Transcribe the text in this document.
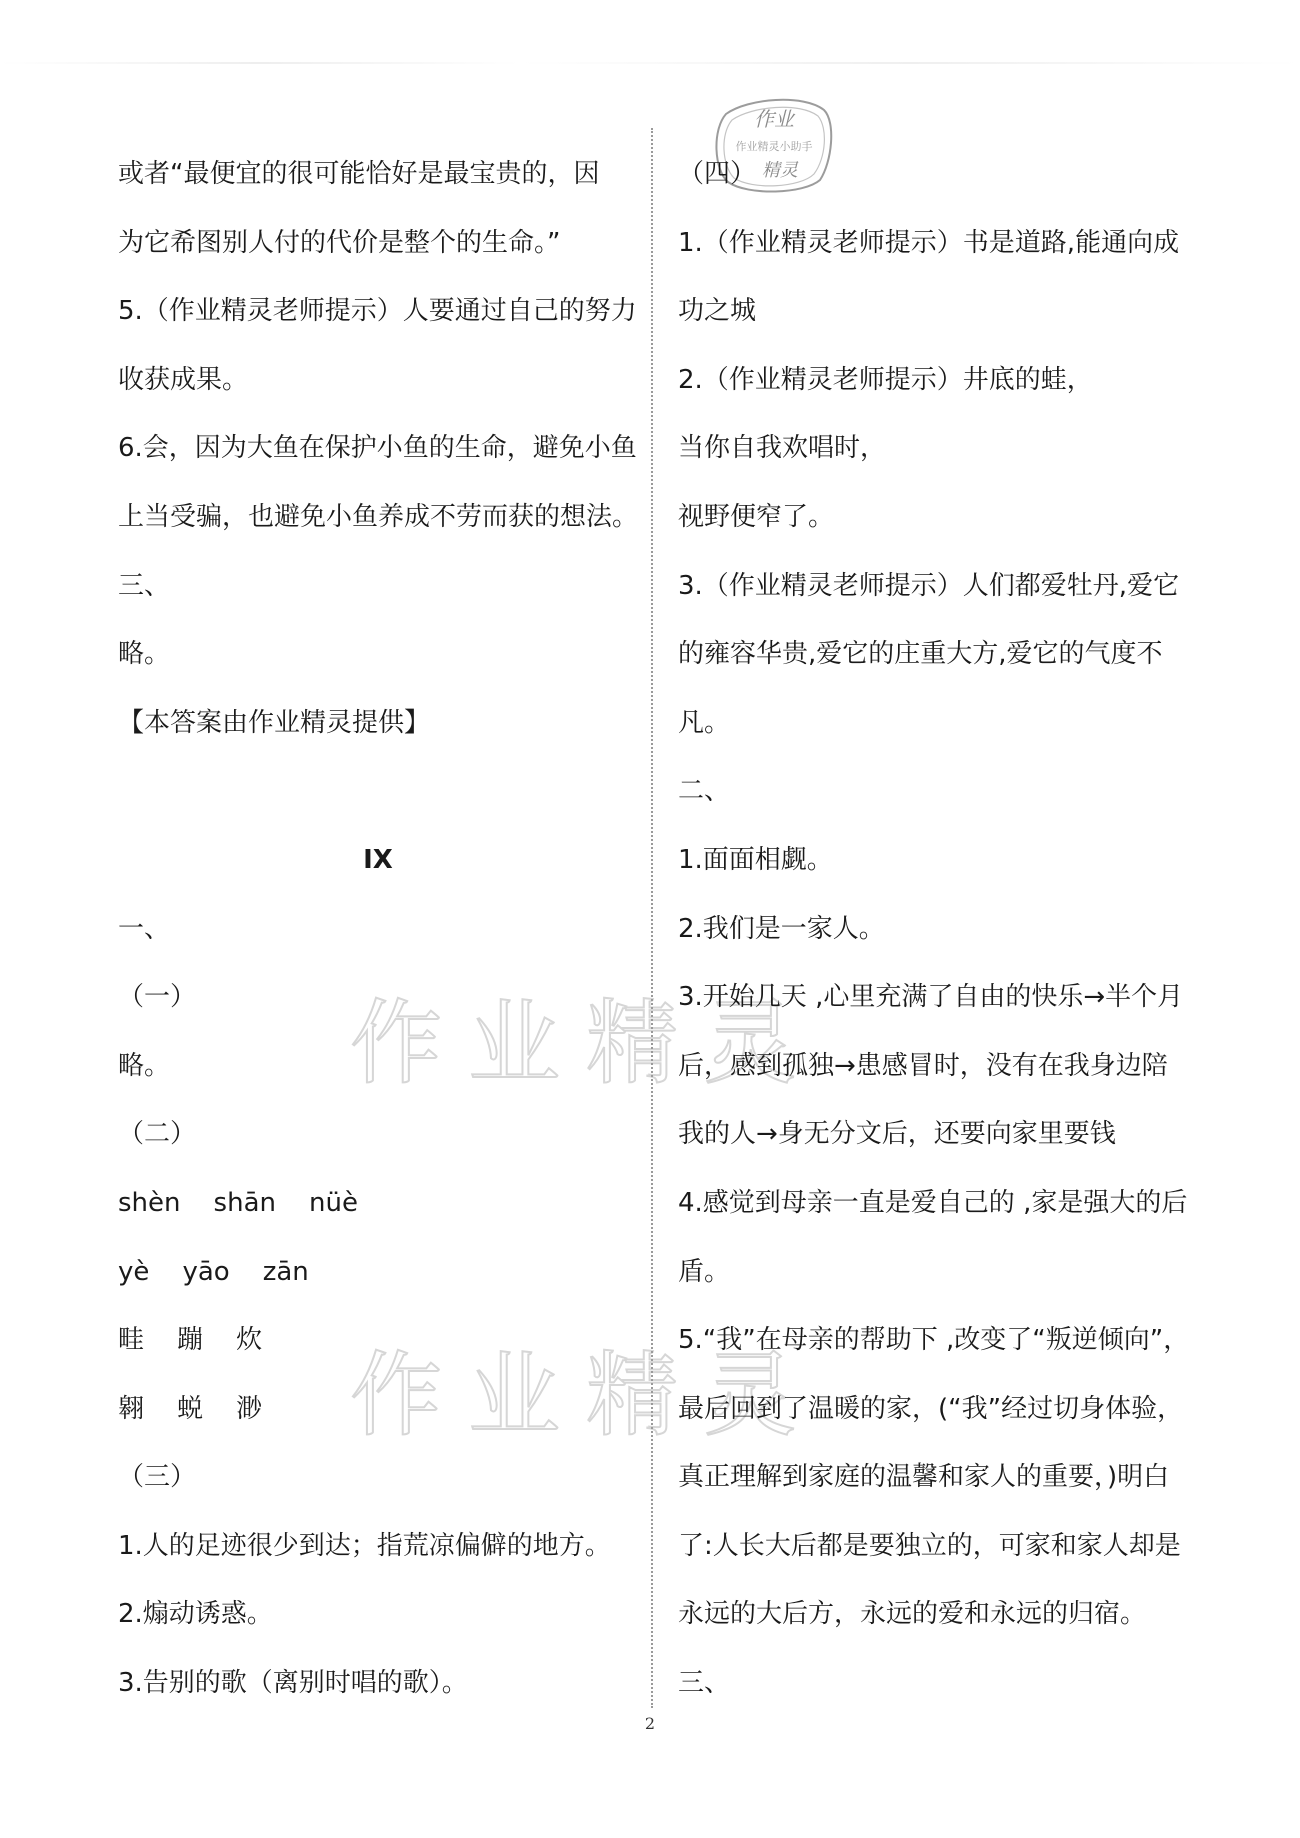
作业精灵
作业精灵
作业
作业精灵小助手
精灵
或者“最便宜的很可能恰好是最宝贵的，因
为它希图别人付的代价是整个的生命。”
5.（作业精灵老师提示）人要通过自己的努力
收获成果。
6.会，因为大鱼在保护小鱼的生命，避免小鱼
上当受骗，也避免小鱼养成不劳而获的想法。
三、
略。
【本答案由作业精灵提供】
IX
一、
（一）
略。
（二）
shèn    shān    nüè
yè    yāo    zān
畦    蹦    炊
翱    蜕    渺
（三）
1.人的足迹很少到达；指荒凉偏僻的地方。
2.煽动诱惑。
3.告别的歌（离别时唱的歌）。
（四）
1.（作业精灵老师提示）书是道路,能通向成
功之城
2.（作业精灵老师提示）井底的蛙，
当你自我欢唱时，
视野便窄了。
3.（作业精灵老师提示）人们都爱牡丹,爱它
的雍容华贵,爱它的庄重大方,爱它的气度不
凡。
二、
1.面面相觑。
2.我们是一家人。
3.开始几天 ,心里充满了自由的快乐→半个月
后，感到孤独→患感冒时，没有在我身边陪
我的人→身无分文后，还要向家里要钱
4.感觉到母亲一直是爱自己的 ,家是强大的后
盾。
5.“我”在母亲的帮助下 ,改变了“叛逆倾向”，
最后回到了温暖的家，(“我”经过切身体验，
真正理解到家庭的温馨和家人的重要，)明白
了:人长大后都是要独立的，可家和家人却是
永远的大后方，永远的爱和永远的归宿。
三、
2
